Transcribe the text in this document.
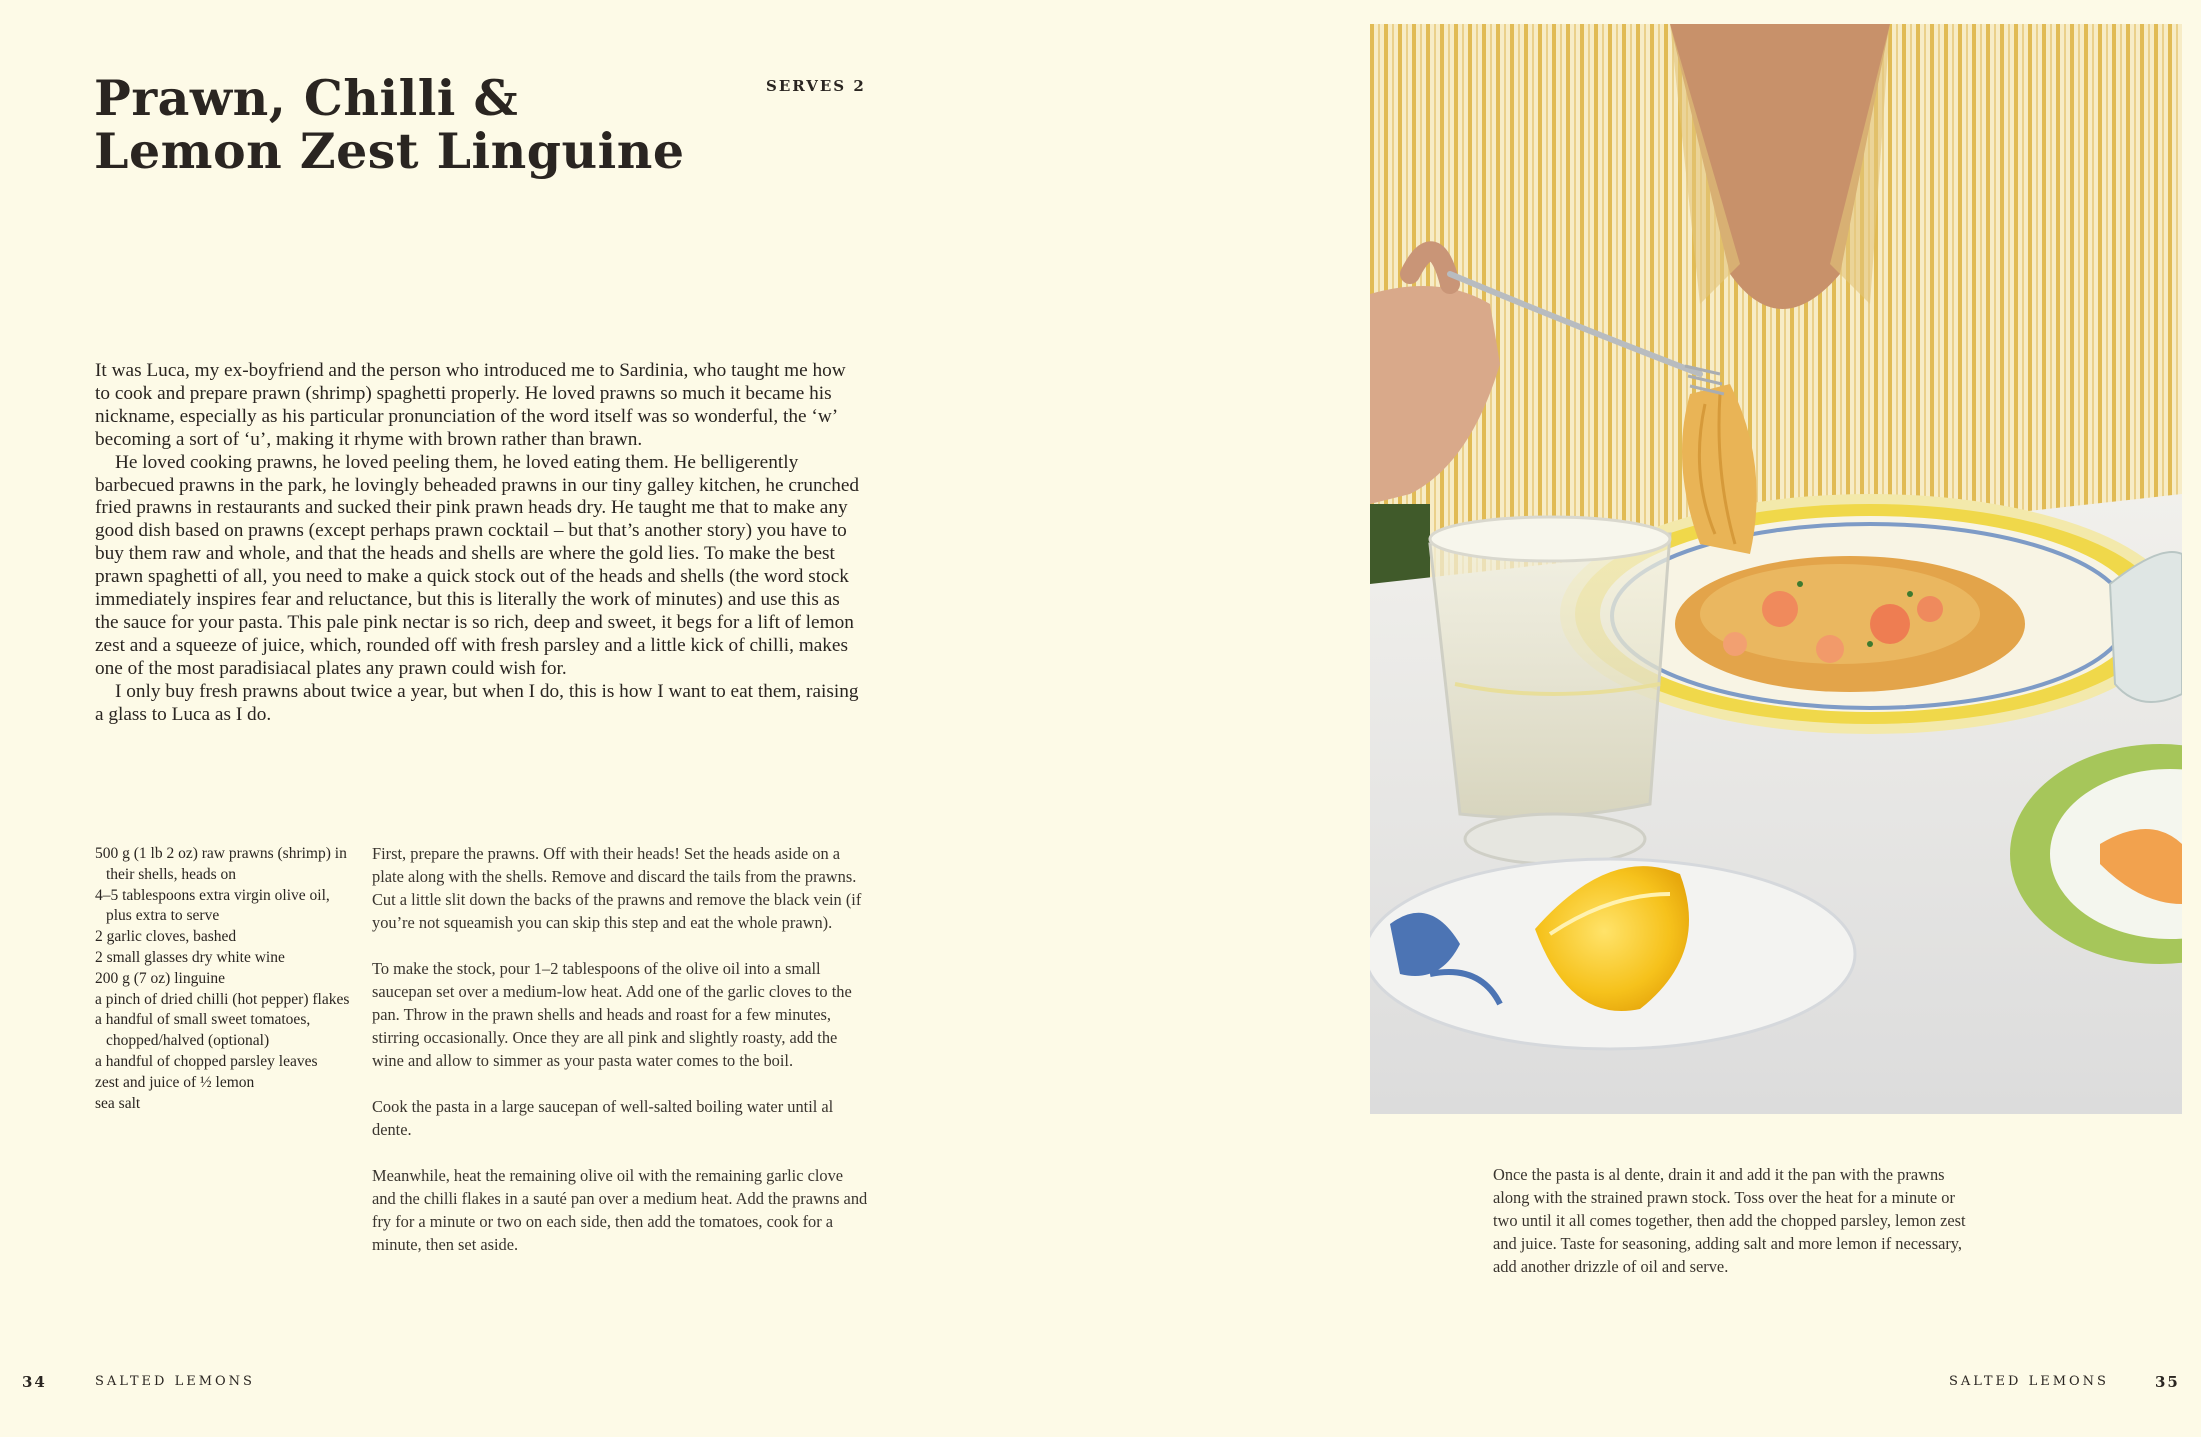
Prawn, Chilli &
Lemon Zest Linguine
SERVES 2

It was Luca, my ex-boyfriend and the person who introduced me to Sardinia, who taught me how to cook and prepare prawn (shrimp) spaghetti properly. He loved prawns so much it became his nickname, especially as his particular pronunciation of the word itself was so wonderful, the ‘w’ becoming a sort of ‘u’, making it rhyme with brown rather than brawn.

He loved cooking prawns, he loved peeling them, he loved eating them. He belligerently barbecued prawns in the park, he lovingly beheaded prawns in our tiny galley kitchen, he crunched fried prawns in restaurants and sucked their pink prawn heads dry. He taught me that to make any good dish based on prawns (except perhaps prawn cocktail – but that’s another story) you have to buy them raw and whole, and that the heads and shells are where the gold lies. To make the best prawn spaghetti of all, you need to make a quick stock out of the heads and shells (the word stock immediately inspires fear and reluctance, but this is literally the work of minutes) and use this as the sauce for your pasta. This pale pink nectar is so rich, deep and sweet, it begs for a lift of lemon zest and a squeeze of juice, which, rounded off with fresh parsley and a little kick of chilli, makes one of the most paradisiacal plates any prawn could wish for.

I only buy fresh prawns about twice a year, but when I do, this is how I want to eat them, raising a glass to Luca as I do.

500 g (1 lb 2 oz) raw prawns (shrimp) in their shells, heads on
4–5 tablespoons extra virgin olive oil, plus extra to serve
2 garlic cloves, bashed
2 small glasses dry white wine
200 g (7 oz) linguine
a pinch of dried chilli (hot pepper) flakes
a handful of small sweet tomatoes, chopped/halved (optional)
a handful of chopped parsley leaves
zest and juice of ½ lemon
sea salt

First, prepare the prawns. Off with their heads! Set the heads aside on a plate along with the shells. Remove and discard the tails from the prawns. Cut a little slit down the backs of the prawns and remove the black vein (if you’re not squeamish you can skip this step and eat the whole prawn).

To make the stock, pour 1–2 tablespoons of the olive oil into a small saucepan set over a medium-low heat. Add one of the garlic cloves to the pan. Throw in the prawn shells and heads and roast for a few minutes, stirring occasionally. Once they are all pink and slightly roasty, add the wine and allow to simmer as your pasta water comes to the boil.

Cook the pasta in a large saucepan of well-salted boiling water until al dente.

Meanwhile, heat the remaining olive oil with the remaining garlic clove and the chilli flakes in a sauté pan over a medium heat. Add the prawns and fry for a minute or two on each side, then add the tomatoes, cook for a minute, then set aside.

34	SALTED LEMONS

Once the pasta is al dente, drain it and add it the pan with the prawns along with the strained prawn stock. Toss over the heat for a minute or two until it all comes together, then add the chopped parsley, lemon zest and juice. Taste for seasoning, adding salt and more lemon if necessary, add another drizzle of oil and serve.

SALTED LEMONS	35
